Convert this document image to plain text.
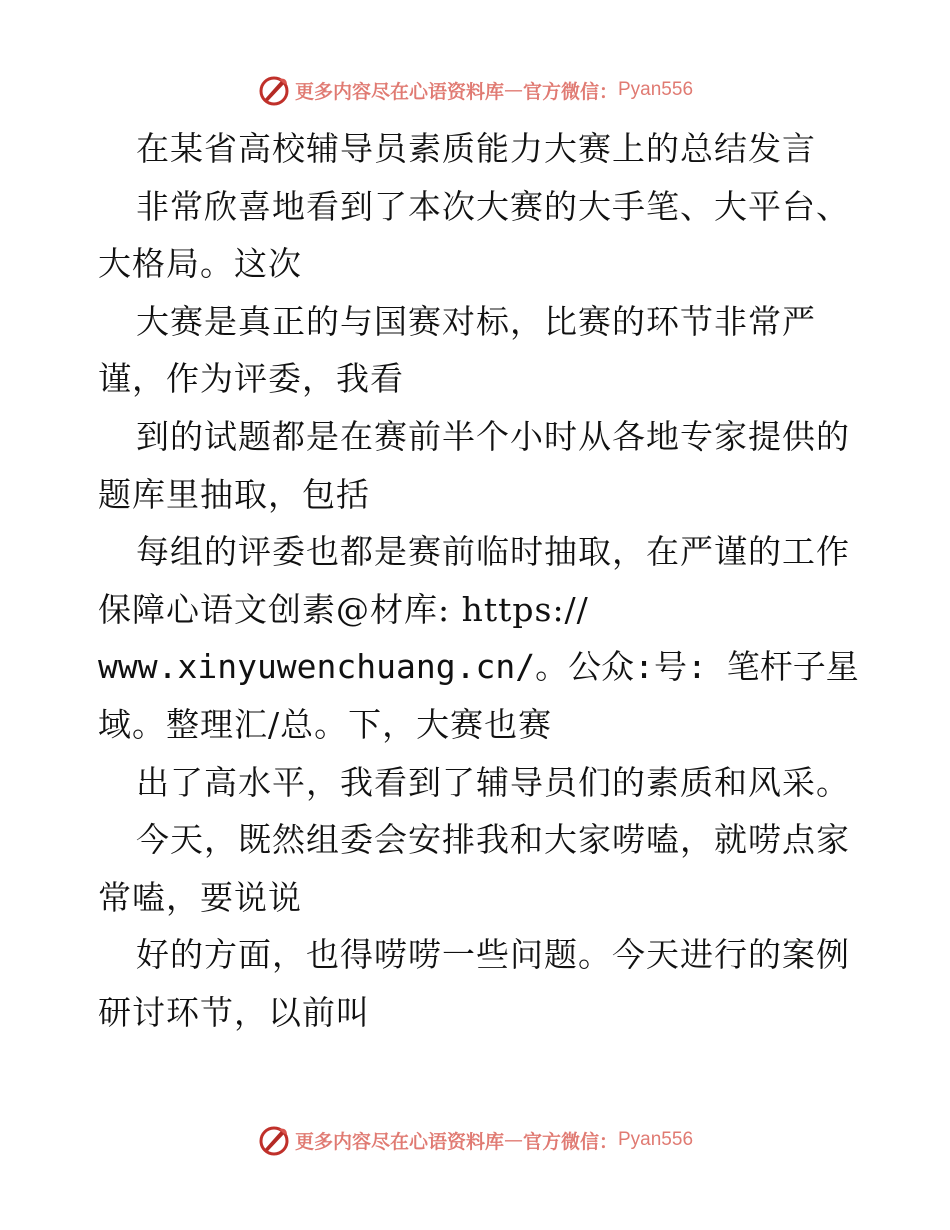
更多内容尽在心语资料库 — 官方微信： Pyan556
在某省高校辅导员素质能力大赛上的总结发言
非常欣喜地看到了本次大赛的大手笔、大平台、
大格局。这次
大赛是真正的与国赛对标，比赛的环节非常严
谨，作为评委，我看
到的试题都是在赛前半个小时从各地专家提供的
题库里抽取，包括
每组的评委也都是赛前临时抽取，在严谨的工作
保障心语文创素@材库: https://
www.xinyuwenchuang.cn/。公众:号: 笔杆子星
域。整理汇/总。下，大赛也赛
出了高水平，我看到了辅导员们的素质和风采。
今天，既然组委会安排我和大家唠嗑，就唠点家
常嗑，要说说
好的方面，也得唠唠一些问题。今天进行的案例
研讨环节，以前叫
更多内容尽在心语资料库 — 官方微信： Pyan556
